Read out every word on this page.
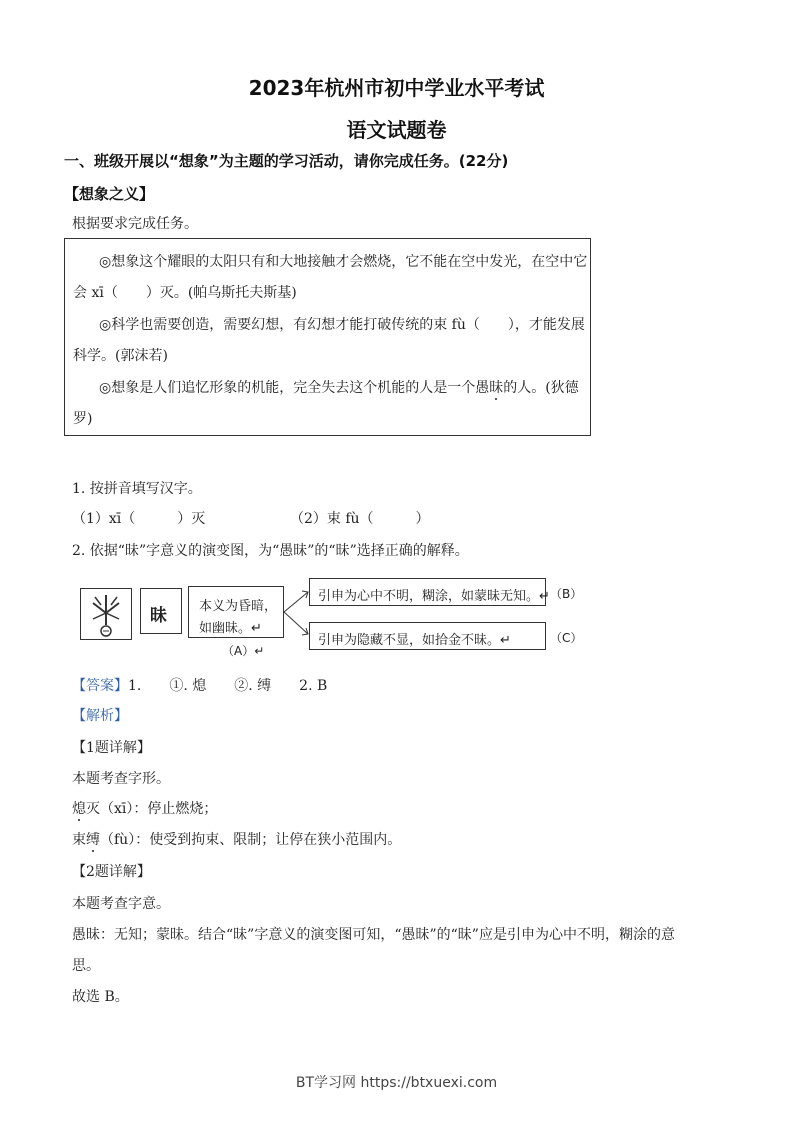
2023年杭州市初中学业水平考试
语文试题卷
一、班级开展以“想象”为主题的学习活动，请你完成任务。(22分)
【想象之义】
根据要求完成任务。
◎想象这个耀眼的太阳只有和大地接触才会燃烧，它不能在空中发光，在空中它
会 xī（　　）灭。(帕乌斯托夫斯基)
◎科学也需要创造，需要幻想，有幻想才能打破传统的束 fù（　　），才能发展
科学。(郭沫若)
◎想象是人们追忆形象的机能，完全失去这个机能的人是一个愚昧的人。(狄德
罗)
1. 按拼音填写汉字。
（1）xī（　　　）灭	（2）束 fù（　　　）
2. 依据“昧”字意义的演变图，为“愚昧”的“昧”选择正确的解释。
昧 本义为昏暗，
如幽昧。↵
（A）↵
引申为心中不明，糊涂，如蒙昧无知。↵ （B）
引申为隐藏不显，如拾金不昧。↵	（C）
【答案】1.　　①. 熄　　②. 缚　　2. B
【解析】
【1题详解】
本题考查字形。
熄灭（xī）：停止燃烧；
束缚（fù）：使受到拘束、限制；让停在狭小范围内。
【2题详解】
本题考查字意。
愚昧：无知；蒙昧。结合“昧”字意义的演变图可知，“愚昧”的“昧”应是引申为心中不明，糊涂的意
思。
故选 B。
BT学习网 https://btxuexi.com
